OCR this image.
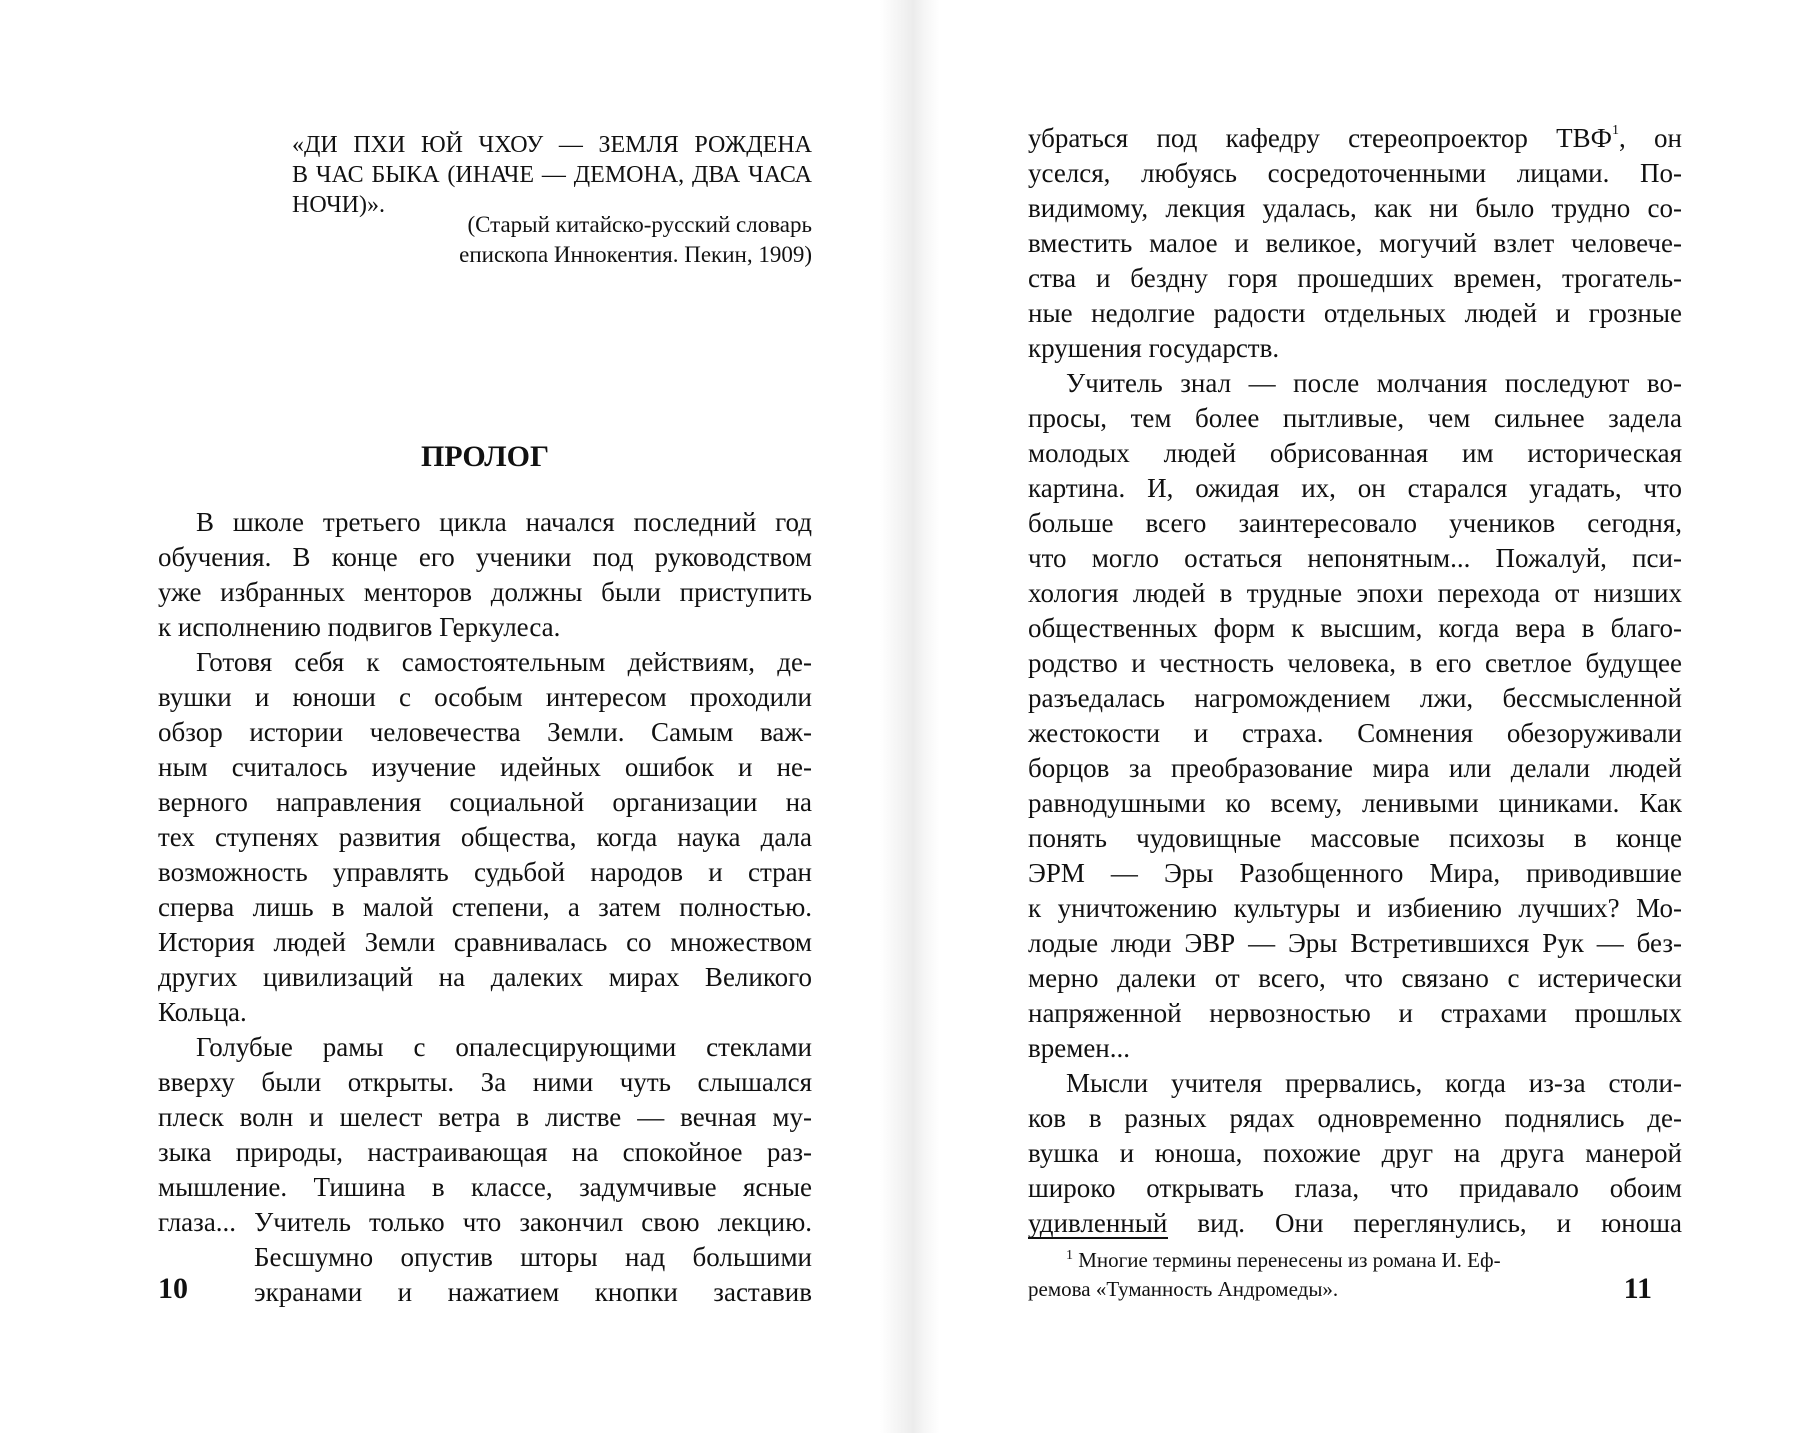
«ДИ ПХИ ЮЙ ЧХОУ — ЗЕМЛЯ РОЖДЕНА
В ЧАС БЫКА (ИНАЧЕ — ДЕМОНА, ДВА ЧАСА
НОЧИ)».
(Старый китайско-русский словарь
епископа Иннокентия. Пекин, 1909)
ПРОЛОГ
В школе третьего цикла начался последний год
обучения. В конце его ученики под руководством
уже избранных менторов должны были приступить
к исполнению подвигов Геркулеса.
Готовя себя к самостоятельным действиям, де-
вушки и юноши с особым интересом проходили
обзор истории человечества Земли. Самым важ-
ным считалось изучение идейных ошибок и не-
верного направления социальной организации на
тех ступенях развития общества, когда наука дала
возможность управлять судьбой народов и стран
сперва лишь в малой степени, а затем полностью.
История людей Земли сравнивалась со множеством
других цивилизаций на далеких мирах Великого
Кольца.
Голубые рамы с опалесцирующими стеклами
вверху были открыты. За ними чуть слышался
плеск волн и шелест ветра в листве — вечная му-
зыка природы, настраивающая на спокойное раз-
мышление. Тишина в классе, задумчивые ясные
глаза... Учитель только что закончил свою лекцию.
Бесшумно опустив шторы над большими
экранами и нажатием кнопки заставив
10
убраться под кафедру стереопроектор ТВФ$^1$, он
уселся, любуясь сосредоточенными лицами. По-
видимому, лекция удалась, как ни было трудно со-
вместить малое и великое, могучий взлет человече-
ства и бездну горя прошедших времен, трогатель-
ные недолгие радости отдельных людей и грозные
крушения государств.
Учитель знал — после молчания последуют во-
просы, тем более пытливые, чем сильнее задела
молодых людей обрисованная им историческая
картина. И, ожидая их, он старался угадать, что
больше всего заинтересовало учеников сегодня,
что могло остаться непонятным... Пожалуй, пси-
хология людей в трудные эпохи перехода от низших
общественных форм к высшим, когда вера в благо-
родство и честность человека, в его светлое будущее
разъедалась нагромождением лжи, бессмысленной
жестокости и страха. Сомнения обезоруживали
борцов за преобразование мира или делали людей
равнодушными ко всему, ленивыми циниками. Как
понять чудовищные массовые психозы в конце
ЭРМ — Эры Разобщенного Мира, приводившие
к уничтожению культуры и избиению лучших? Мо-
лодые люди ЭВР — Эры Встретившихся Рук — без-
мерно далеки от всего, что связано с истерически
напряженной нервозностью и страхами прошлых
времен...
Мысли учителя прервались, когда из-за столи-
ков в разных рядах одновременно поднялись де-
вушка и юноша, похожие друг на друга манерой
широко открывать глаза, что придавало обоим
удивленный вид. Они переглянулись, и юноша
$^1$ Многие термины перенесены из романа И. Еф-
ремова «Туманность Андромеды».	11
